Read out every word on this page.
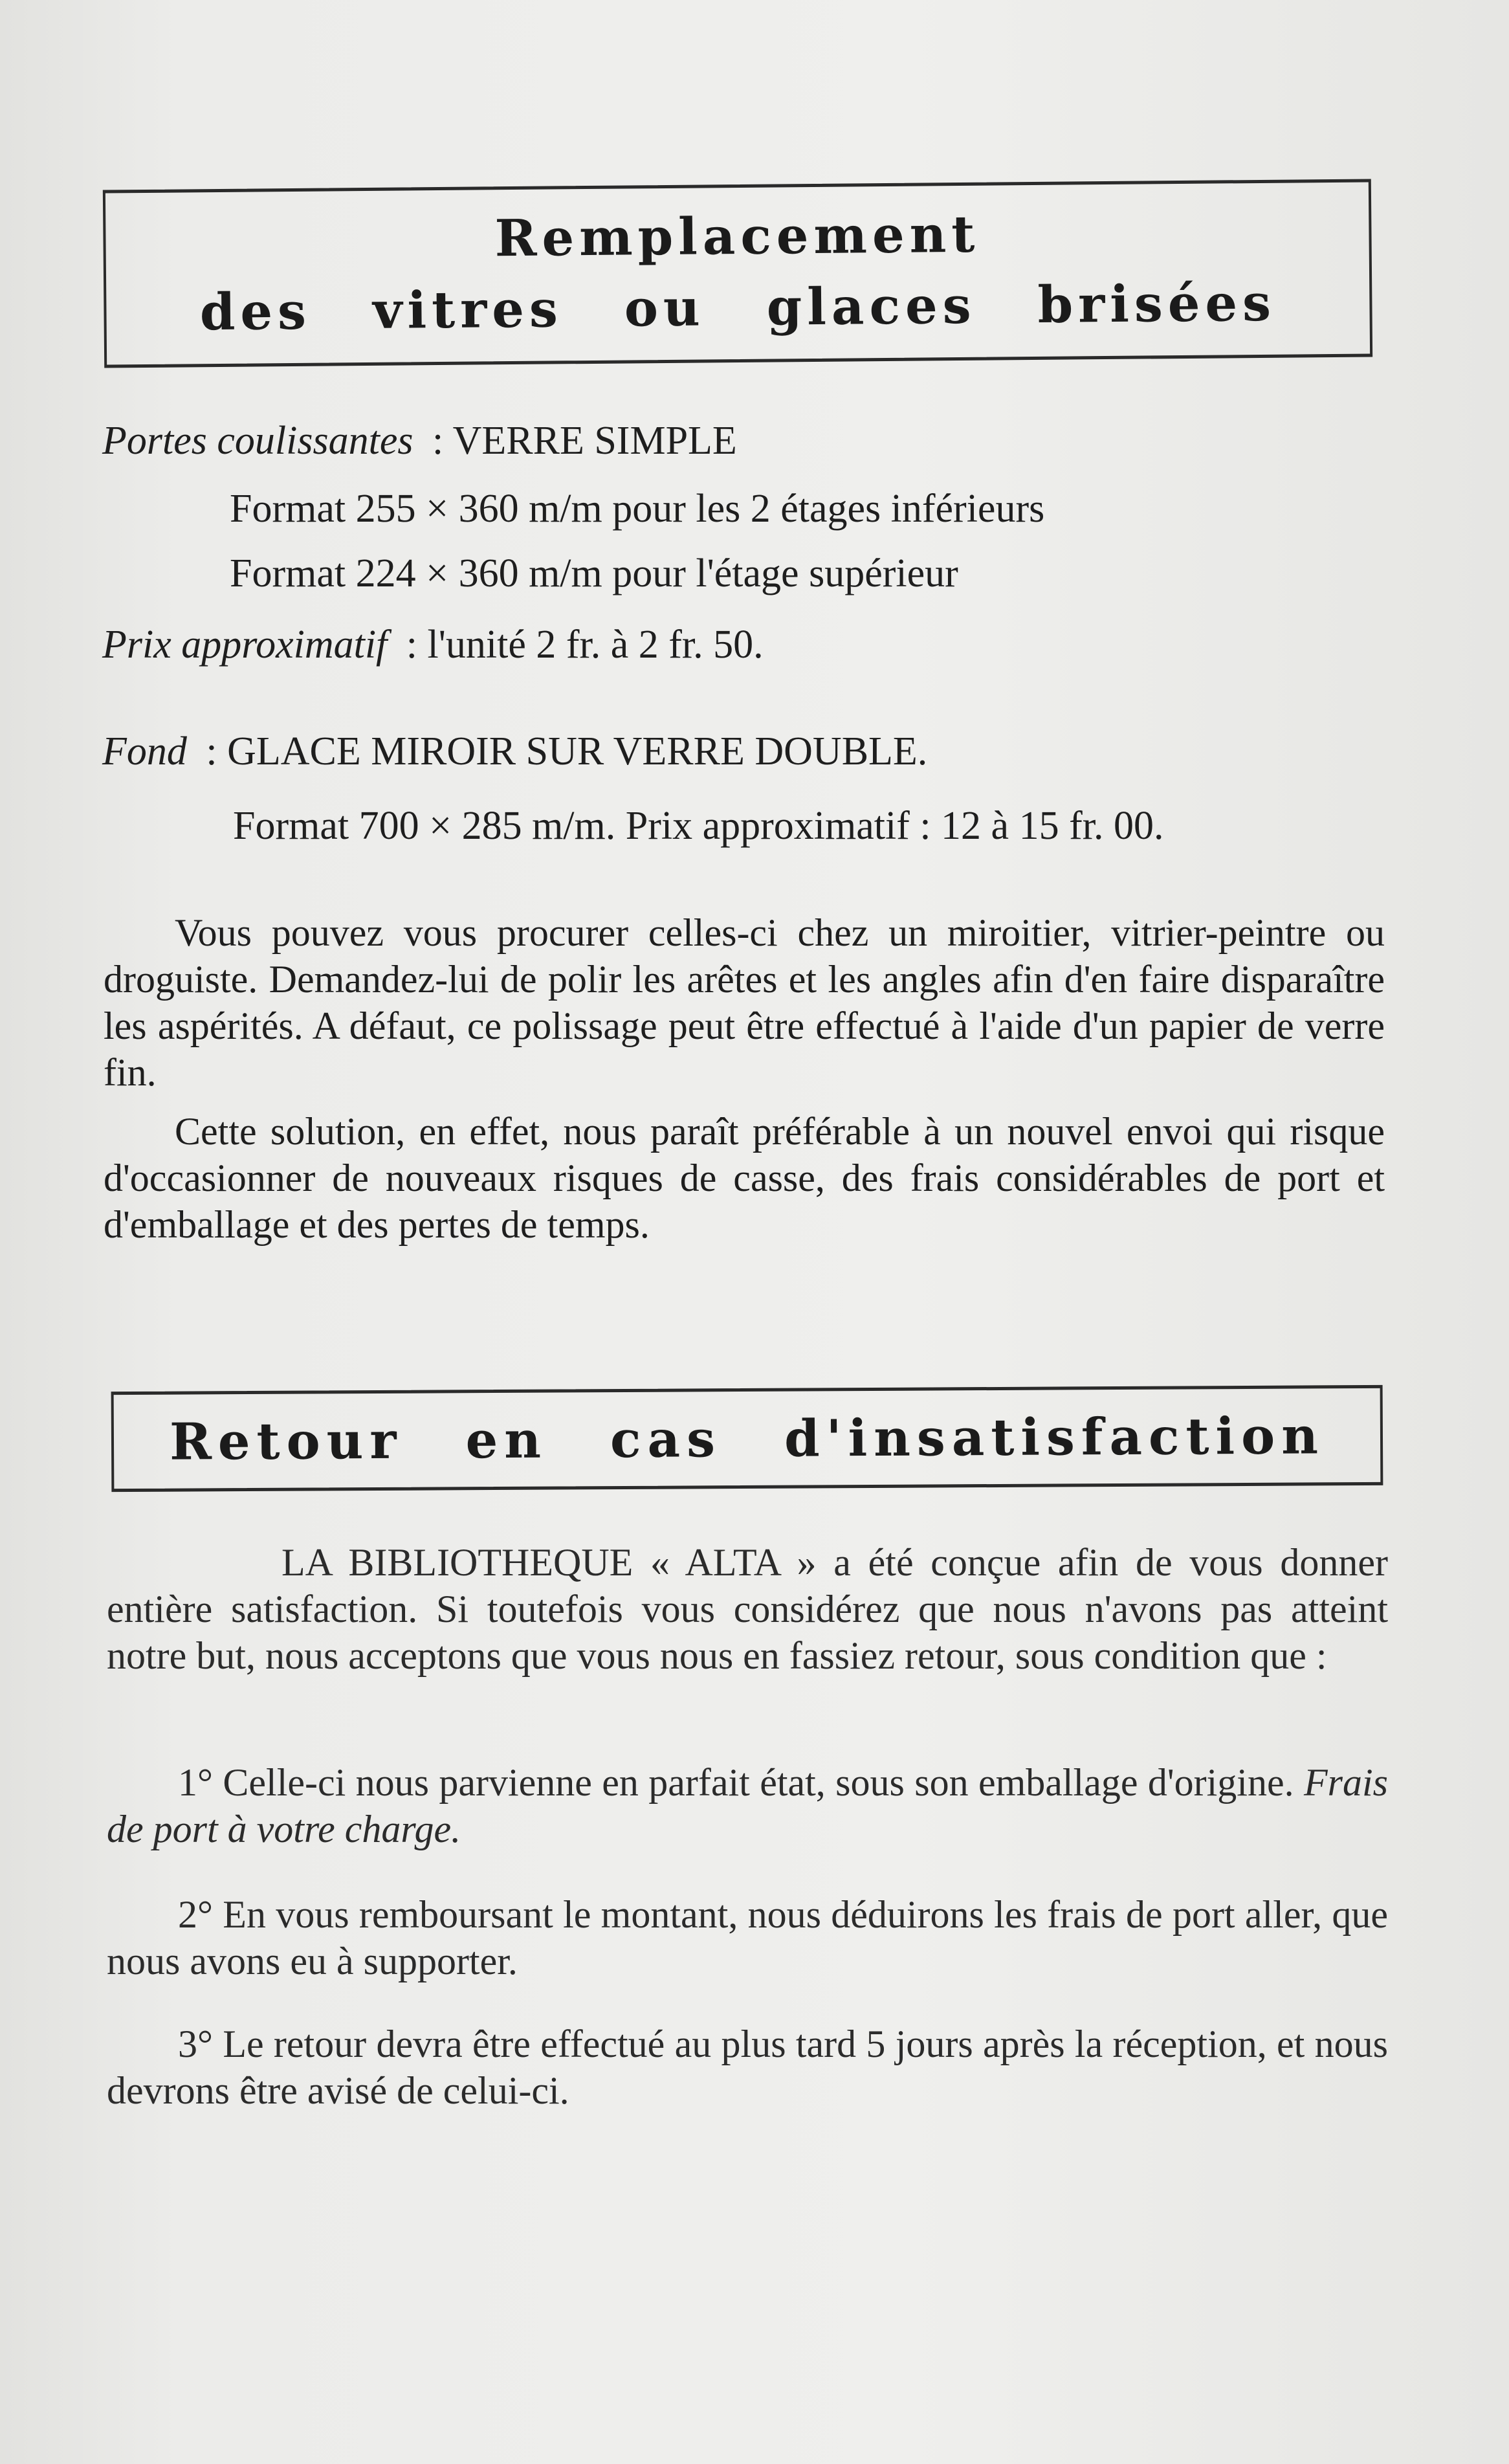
Remplacement
des vitres ou glaces brisées
Portes coulissantes : VERRE SIMPLE
Format 255 × 360 m/m pour les 2 étages inférieurs
Format 224 × 360 m/m pour l'étage supérieur
Prix approximatif : l'unité 2 fr. à 2 fr. 50.
Fond : GLACE MIROIR SUR VERRE DOUBLE.
Format 700 × 285 m/m. Prix approximatif : 12 à 15 fr. 00.
Vous pouvez vous procurer celles-ci chez un miroitier, vitrier-peintre ou droguiste. Demandez-lui de polir les arêtes et les angles afin d'en faire disparaître les aspérités. A défaut, ce polissage peut être effectué à l'aide d'un papier de verre fin.
Cette solution, en effet, nous paraît préférable à un nouvel envoi qui risque d'occasionner de nouveaux risques de casse, des frais considérables de port et d'emballage et des pertes de temps.
Retour en cas d'insatisfaction
LA BIBLIOTHEQUE « ALTA » a été conçue afin de vous donner entière satisfaction. Si toutefois vous considérez que nous n'avons pas atteint notre but, nous acceptons que vous nous en fassiez retour, sous condition que :
1° Celle-ci nous parvienne en parfait état, sous son emballage d'origine. Frais de port à votre charge.
2° En vous remboursant le montant, nous déduirons les frais de port aller, que nous avons eu à supporter.
3° Le retour devra être effectué au plus tard 5 jours après la réception, et nous devrons être avisé de celui-ci.
